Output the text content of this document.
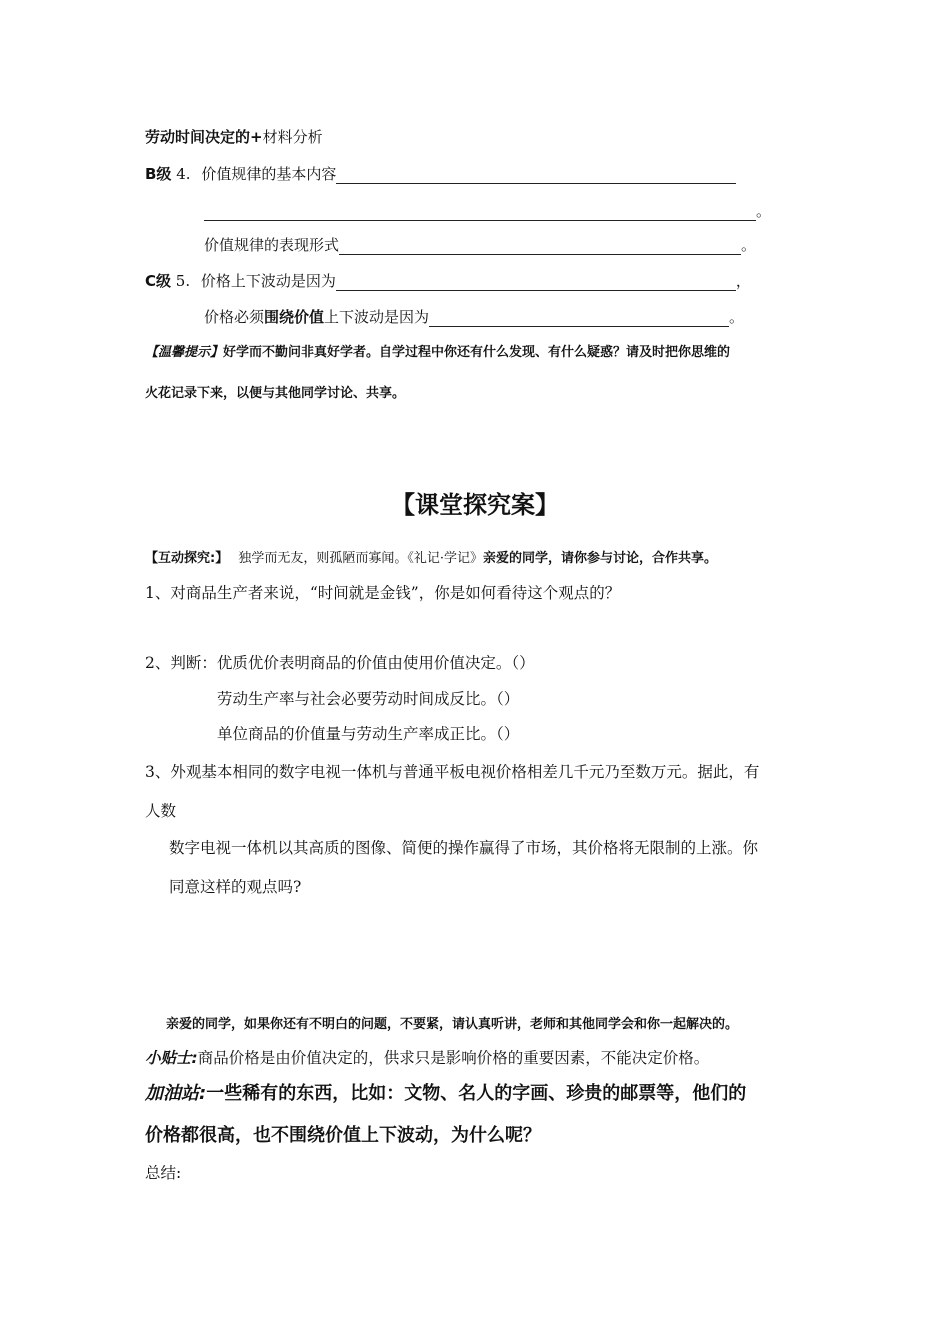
劳动时间决定的+材料分析
B级 4. 价值规律的基本内容
。
价值规律的表现形式	。
C级 5. 价格上下波动是因为	，
价格必须围绕价值上下波动是因为	。
【温馨提示】好学而不勤问非真好学者。自学过程中你还有什么发现、有什么疑惑？请及时把你思维的
火花记录下来，以便与其他同学讨论、共享。
【课堂探究案】
【互动探究:】 独学而无友，则孤陋而寡闻。《礼记·学记》亲爱的同学，请你参与讨论，合作共享。
1、对商品生产者来说，“时间就是金钱”，你是如何看待这个观点的？
2、判断：优质优价表明商品的价值由使用价值决定。（）
劳动生产率与社会必要劳动时间成反比。（）
单位商品的价值量与劳动生产率成正比。（）
3、外观基本相同的数字电视一体机与普通平板电视价格相差几千元乃至数万元。据此，有
人数
数字电视一体机以其高质的图像、简便的操作赢得了市场，其价格将无限制的上涨。你
同意这样的观点吗?
亲爱的同学，如果你还有不明白的问题，不要紧，请认真听讲，老师和其他同学会和你一起解决的。
小贴士:商品价格是由价值决定的，供求只是影响价格的重要因素，不能决定价格。
加油站:一些稀有的东西，比如：文物、名人的字画、珍贵的邮票等，他们的
价格都很高，也不围绕价值上下波动，为什么呢？
总结:
